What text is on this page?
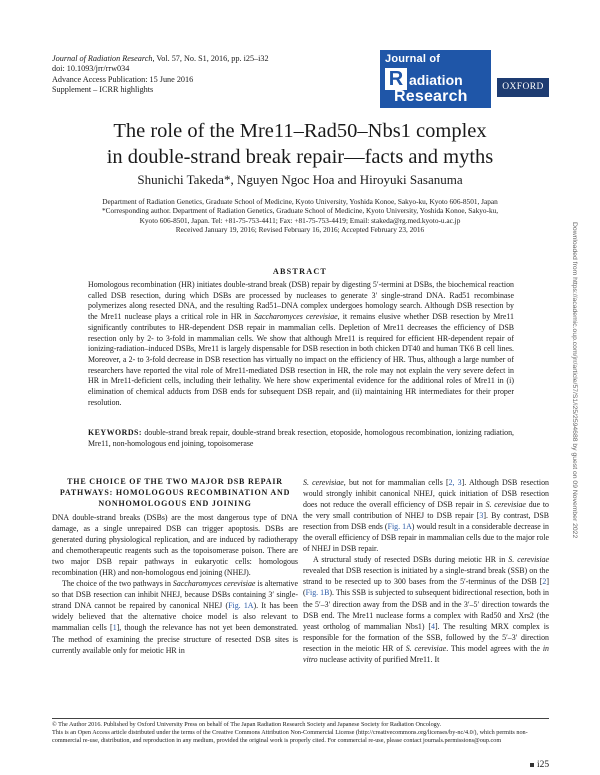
Journal of Radiation Research, Vol. 57, No. S1, 2016, pp. i25–i32
doi: 10.1093/jrr/rrw034
Advance Access Publication: 15 June 2016
Supplement – ICRR highlights
Journal of
R adiation
Research
OXFORD
The role of the Mre11–Rad50–Nbs1 complex
in double-strand break repair—facts and myths
Shunichi Takeda*, Nguyen Ngoc Hoa and Hiroyuki Sasanuma
Department of Radiation Genetics, Graduate School of Medicine, Kyoto University, Yoshida Konoe, Sakyo-ku, Kyoto 606-8501, Japan
*Corresponding author. Department of Radiation Genetics, Graduate School of Medicine, Kyoto University, Yoshida Konoe, Sakyo-ku,
Kyoto 606-8501, Japan. Tel: +81-75-753-4411; Fax: +81-75-753-4419; Email: stakeda@rg.med.kyoto-u.ac.jp
Received January 19, 2016; Revised February 16, 2016; Accepted February 23, 2016
ABSTRACT

Homologous recombination (HR) initiates double-strand break (DSB) repair by digesting 5′-termini at DSBs, the biochemical reaction called DSB resection, during which DSBs are processed by nucleases to generate 3′ single-strand DNA. Rad51 recombinase polymerizes along resected DNA, and the resulting Rad51–DNA complex undergoes homology search. Although DSB resection by the Mre11 nuclease plays a critical role in HR in Saccharomyces cerevisiae, it remains elusive whether DSB resection by Mre11 significantly contributes to HR-dependent DSB repair in mammalian cells. Depletion of Mre11 decreases the efficiency of DSB resection only by 2- to 3-fold in mammalian cells. We show that although Mre11 is required for efficient HR-dependent repair of ionizing-radiation–induced DSBs, Mre11 is largely dispensable for DSB resection in both chicken DT40 and human TK6 B cell lines. Moreover, a 2- to 3-fold decrease in DSB resection has virtually no impact on the efficiency of HR. Thus, although a large number of researchers have reported the vital role of Mre11-mediated DSB resection in HR, the role may not explain the very severe defect in HR in Mre11-deficient cells, including their lethality. We here show experimental evidence for the additional roles of Mre11 in (i) elimination of chemical adducts from DSB ends for subsequent DSB repair, and (ii) maintaining HR intermediates for their proper resolution.

KEYWORDS: double-strand break repair, double-strand break resection, etoposide, homologous recombination, ionizing radiation, Mre11, non-homologous end joining, topoisomerase
THE CHOICE OF THE TWO MAJOR DSB REPAIR PATHWAYS: HOMOLOGOUS RECOMBINATION AND NONHOMOLOGOUS END JOINING

DNA double-strand breaks (DSBs) are the most dangerous type of DNA damage, as a single unrepaired DSB can trigger apoptosis. DSBs are generated during physiological replication, and are induced by radiotherapy and chemotherapeutic reagents such as the topoisomerase poison. There are two major DSB repair pathways in eukaryotic cells: homologous recombination (HR) and non-homologous end joining (NHEJ).

The choice of the two pathways in Saccharomyces cerevisiae is alternative so that DSB resection can inhibit NHEJ, because DSBs containing 3′ single-strand DNA cannot be repaired by canonical NHEJ (Fig. 1A). It has been widely believed that the alternative choice model is also relevant to mammalian cells [1], though the relevance has not yet been demonstrated. The method of examining the precise structure of resected DSB sites is currently available only for meiotic HR in

S. cerevisiae, but not for mammalian cells [2, 3]. Although DSB resection would strongly inhibit canonical NHEJ, quick initiation of DSB resection does not reduce the overall efficiency of DSB repair in S. cerevisiae due to the very small contribution of NHEJ to DSB repair [3]. By contrast, DSB resection from DSB ends (Fig. 1A) would result in a considerable decrease in the overall efficiency of DSB repair in mammalian cells due to the major role of NHEJ in DSB repair.

A structural study of resected DSBs during meiotic HR in S. cerevisiae revealed that DSB resection is initiated by a single-strand break (SSB) on the strand to be resected up to 300 bases from the 5′-terminus of the DSB [2] (Fig. 1B). This SSB is subjected to subsequent bidirectional resection, both in the 5′–3′ direction away from the DSB and in the 3′–5′ direction towards the DSB end. The Mre11 nuclease forms a complex with Rad50 and Xrs2 (the yeast ortholog of mammalian Nbs1) [4]. The resulting MRX complex is responsible for the formation of the SSB, followed by the 5′–3′ direction resection in the meiotic HR of S. cerevisiae. This model agrees with the in vitro nuclease activity of purified Mre11. It

© The Author 2016. Published by Oxford University Press on behalf of The Japan Radiation Research Society and Japanese Society for Radiation Oncology.
This is an Open Access article distributed under the terms of the Creative Commons Attribution Non-Commercial License (http://creativecommons.org/licenses/by-nc/4.0/), which permits non-commercial re-use, distribution, and reproduction in any medium, provided the original work is properly cited. For commercial re-use, please contact journals.permissions@oup.com
i25
Downloaded from https://academic.oup.com/jrr/article/57/S1/i25/2594688 by guest on 09 November 2022
